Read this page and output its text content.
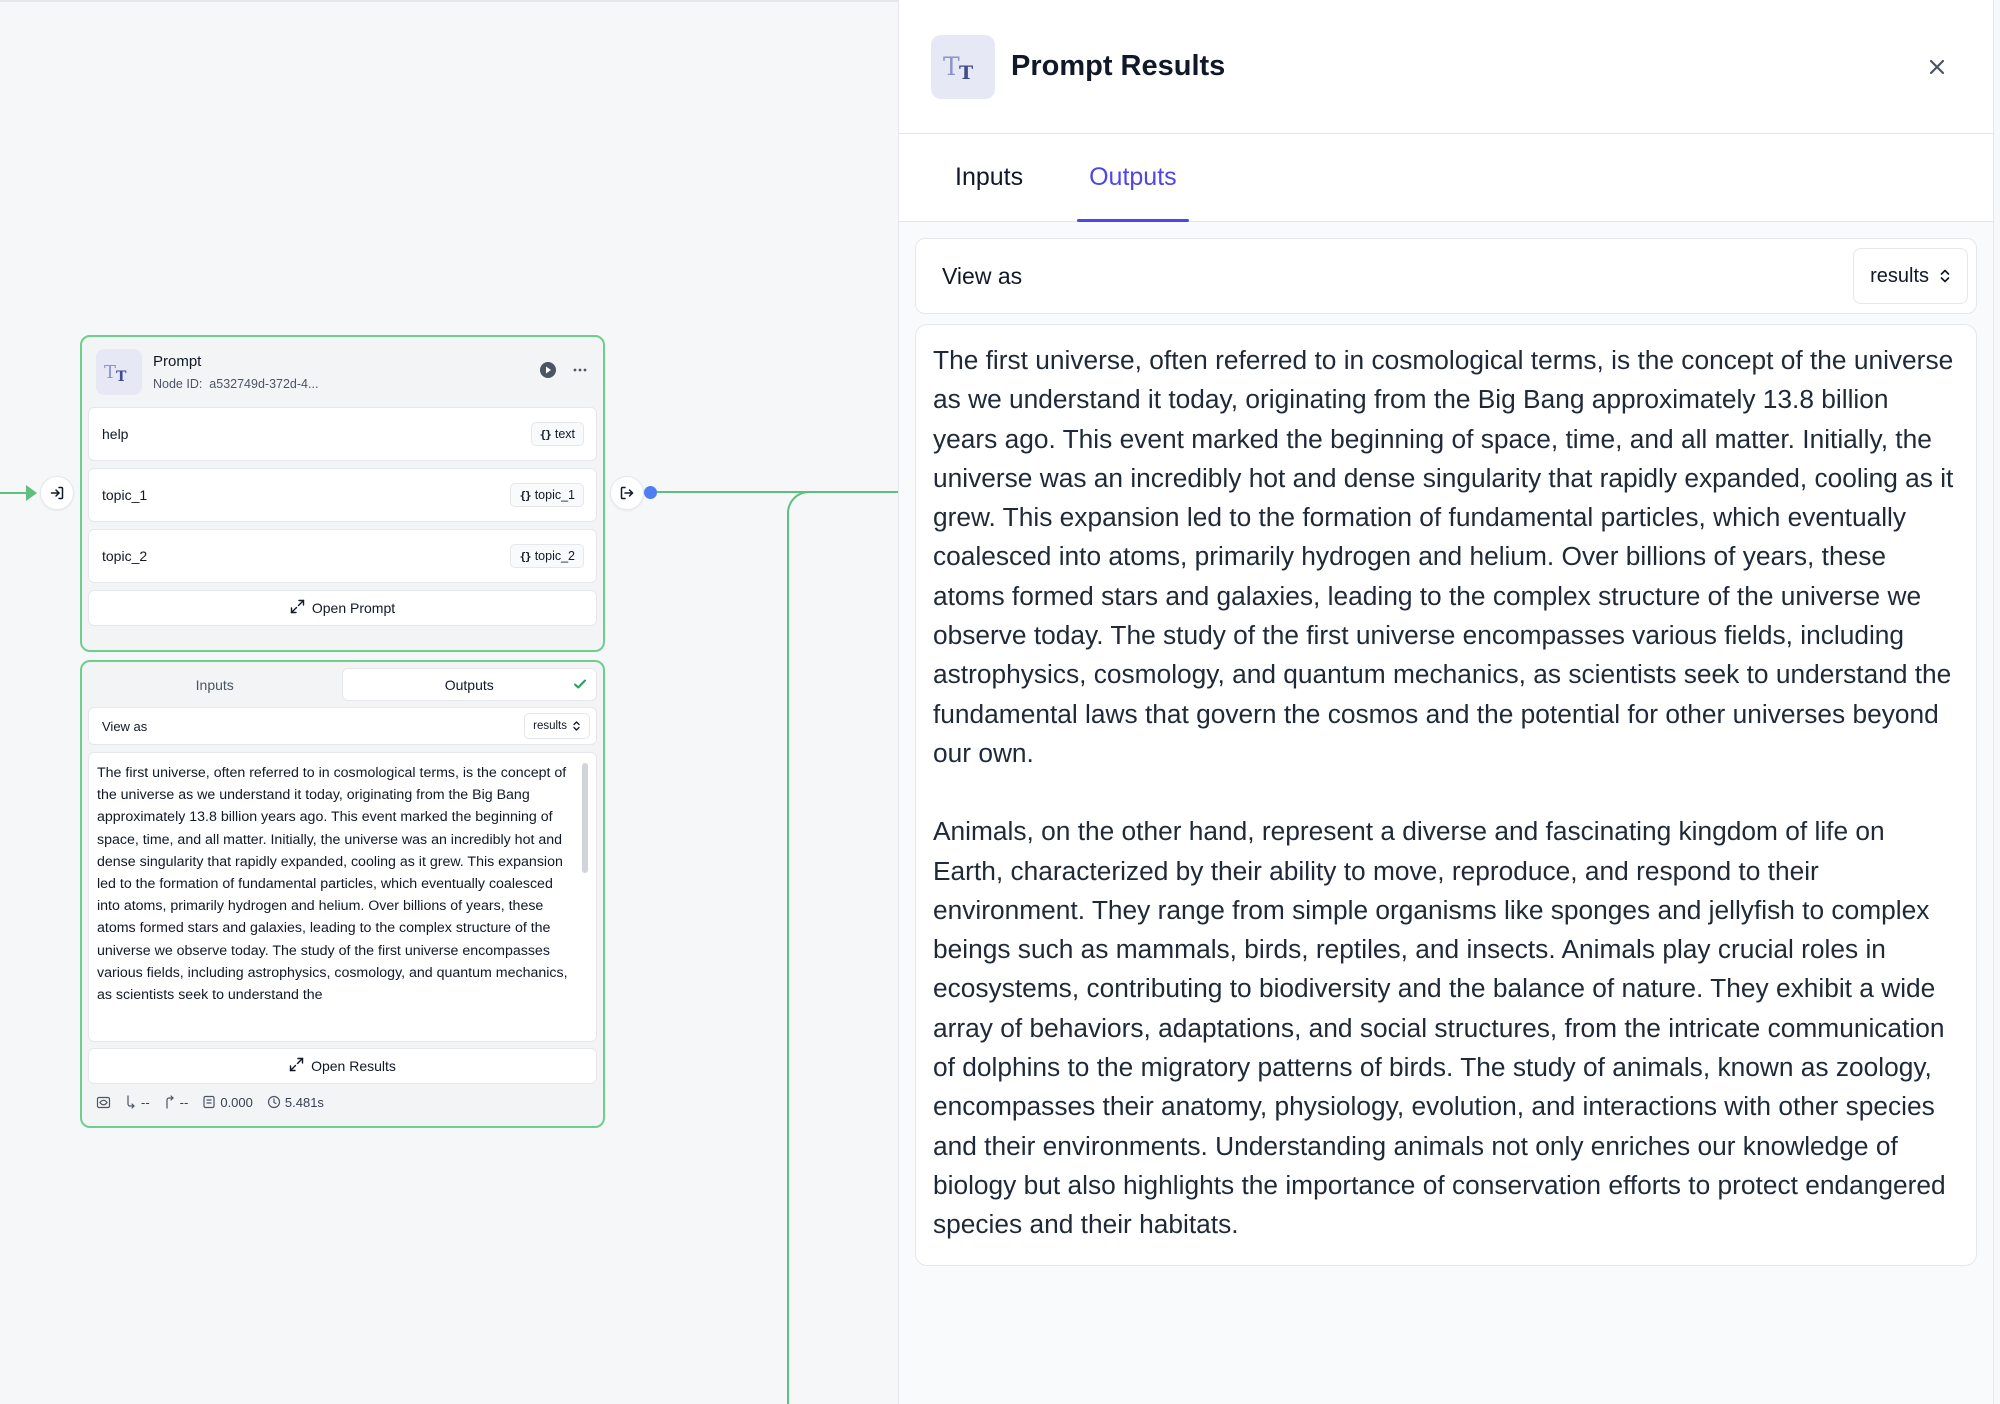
T T
Prompt
Node ID: a532749d-372d-4...
help	{} text
topic_1	{} topic_1
topic_2	{} topic_2
Open Prompt
Inputs	Outputs
View as	results
The first universe, often referred to in cosmological terms, is the concept of the universe as we understand it today, originating from the Big Bang approximately 13.8 billion years ago. This event marked the beginning of space, time, and all matter. Initially, the universe was an incredibly hot and dense singularity that rapidly expanded, cooling as it grew. This expansion led to the formation of fundamental particles, which eventually coalesced into atoms, primarily hydrogen and helium. Over billions of years, these atoms formed stars and galaxies, leading to the complex structure of the universe we observe today. The study of the first universe encompasses various fields, including astrophysics, cosmology, and quantum mechanics, as scientists seek to understand the
Open Results
-- -- 0.000 5.481s
T T Prompt Results
Inputs	Outputs
View as	results

The first universe, often referred to in cosmological terms, is the concept of the universe as we understand it today, originating from the Big Bang approximately 13.8 billion years ago. This event marked the beginning of space, time, and all matter. Initially, the universe was an incredibly hot and dense singularity that rapidly expanded, cooling as it grew. This expansion led to the formation of fundamental particles, which eventually coalesced into atoms, primarily hydrogen and helium. Over billions of years, these atoms formed stars and galaxies, leading to the complex structure of the universe we observe today. The study of the first universe encompasses various fields, including astrophysics, cosmology, and quantum mechanics, as scientists seek to understand the fundamental laws that govern the cosmos and the potential for other universes beyond our own.

Animals, on the other hand, represent a diverse and fascinating kingdom of life on Earth, characterized by their ability to move, reproduce, and respond to their environment. They range from simple organisms like sponges and jellyfish to complex beings such as mammals, birds, reptiles, and insects. Animals play crucial roles in ecosystems, contributing to biodiversity and the balance of nature. They exhibit a wide array of behaviors, adaptations, and social structures, from the intricate communication of dolphins to the migratory patterns of birds. The study of animals, known as zoology, encompasses their anatomy, physiology, evolution, and interactions with other species and their environments. Understanding animals not only enriches our knowledge of biology but also highlights the importance of conservation efforts to protect endangered species and their habitats.
